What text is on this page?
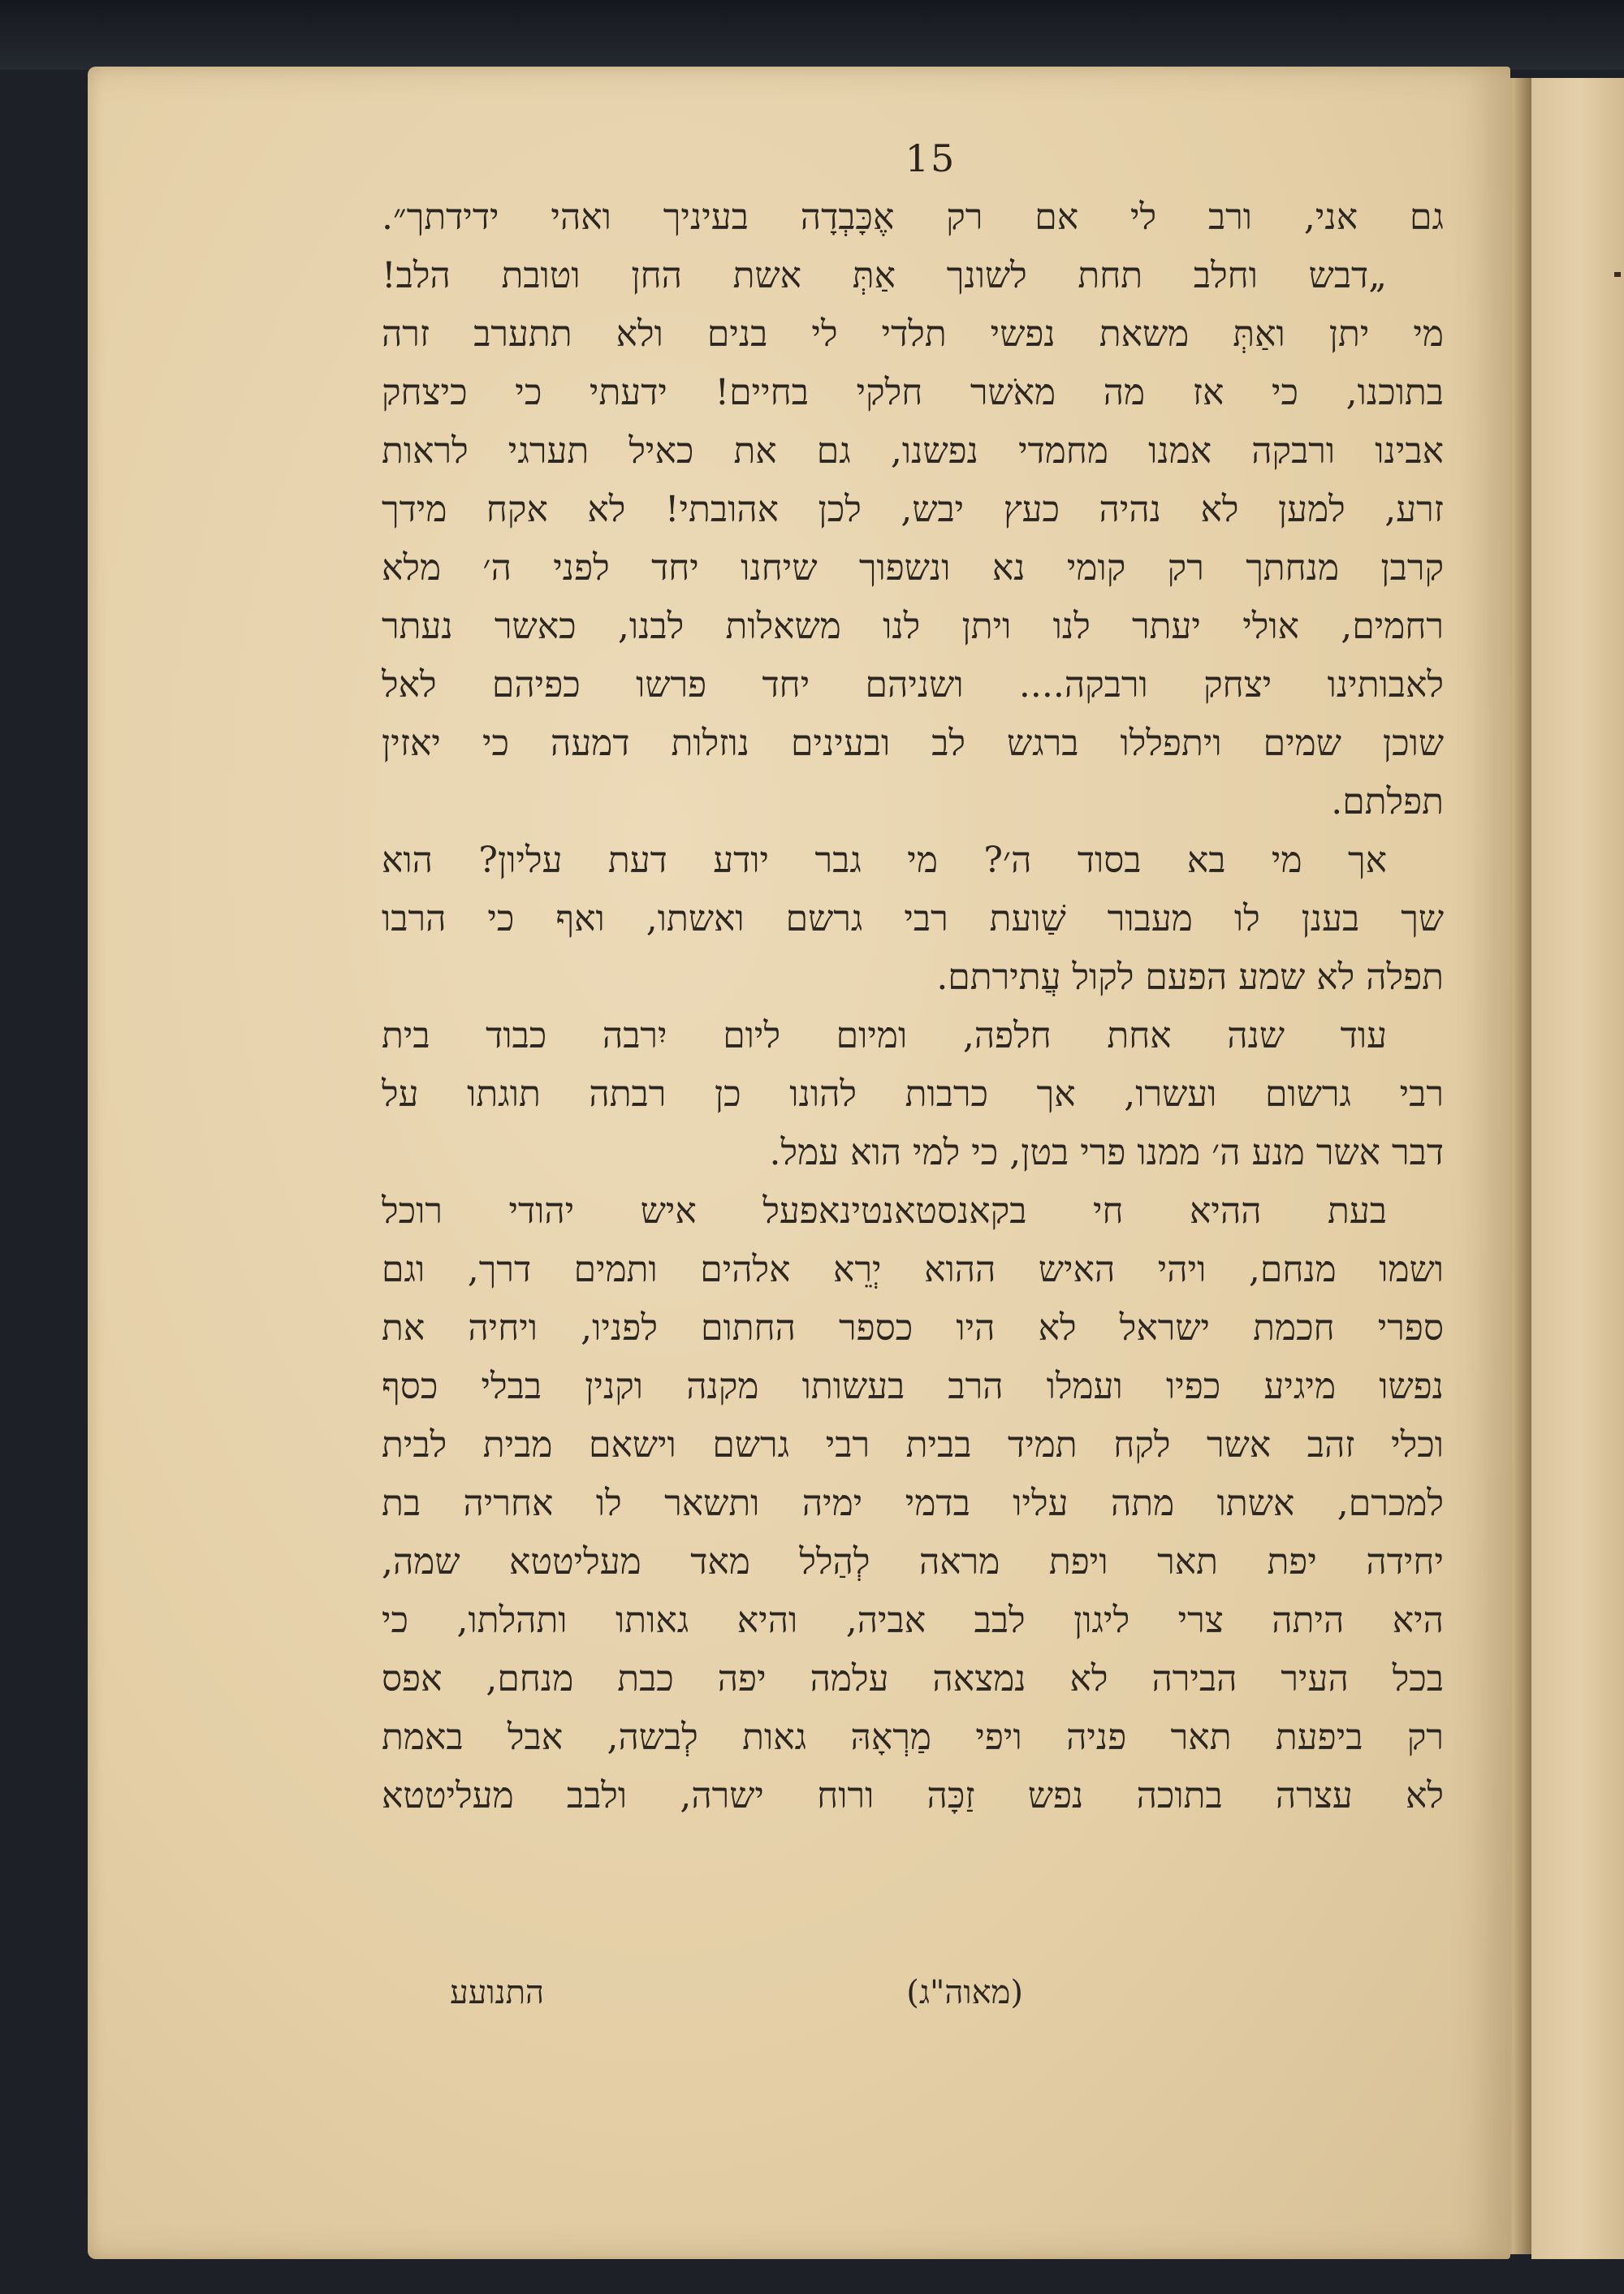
15
גם אני, ורב לי אם רק אֶכָּבְדָה בעיניך ואהי ידידתך״.
„דבש וחלב תחת לשונך אַתְּ אשת החן וטובת הלב!
מי יתן ואַתְּ משאת נפשי תלדי לי בנים ולא תתערב זרה
בתוכנו, כי אז מה מאֹשר חלקי בחיים! ידעתי כי כיצחק
אבינו ורבקה אמנו מחמדי נפשנו, גם את כאיל תערגי לראות
זרע, למען לא נהיה כעץ יבש, לכן אהובתי! לא אקח מידך
קרבן מנחתך רק קומי נא ונשפוך שיחנו יחד לפני ה׳ מלא
רחמים, אולי יעתר לנו ויתן לנו משאלות לבנו, כאשר נעתר
לאבותינו יצחק ורבקה.... ושניהם יחד פרשו כפיהם לאל
שוכן שמים ויתפללו ברגש לב ובעינים נוזלות דמעה כי יאזין
תפלתם.
אך מי בא בסוד ה׳? מי גבר יודע דעת עליון? הוא
שך בענן לו מעבור שַׁועת רבי גרשם ואשתו, ואף כי הרבו
תפלה לא שמע הפעם לקול עֲתירתם.
עוד שנה אחת חלפה, ומיום ליום יִרבה כבוד בית
רבי גרשום ועשרו, אך כרבות להונו כן רבתה תוגתו על
דבר אשר מנע ה׳ ממנו פרי בטן, כי למי הוא עמל.
בעת ההיא חי בקאנסטאנטינאפעל איש יהודי רוכל
ושמו מנחם, ויהי האיש ההוא יְרֵא אלהים ותמים דרך, וגם
ספרי חכמת ישראל לא היו כספר החתום לפניו, ויחיה את
נפשו מיגיע כפיו ועמלו הרב בעשותו מקנה וקנין בבלי כסף
וכלי זהב אשר לקח תמיד בבית רבי גרשם וישאם מבית לבית
למכרם, אשתו מתה עליו בדמי ימיה ותשאר לו אחריה בת
יחידה יפת תאר ויפת מראה לְהַלל מאד מעליטטא שמה,
היא היתה צרי ליגון לבב אביה, והיא גאותו ותהלתו, כי
בכל העיר הבירה לא נמצאה עלמה יפה כבת מנחם, אפס
רק ביפעת תאר פניה ויפי מַרְאָהּ גאות לְבשה, אבל באמת
לא עצרה בתוכה נפש זַכָּה ורוח ישרה, ולבב מעליטטא
(מאוה"ג)
התנועע
